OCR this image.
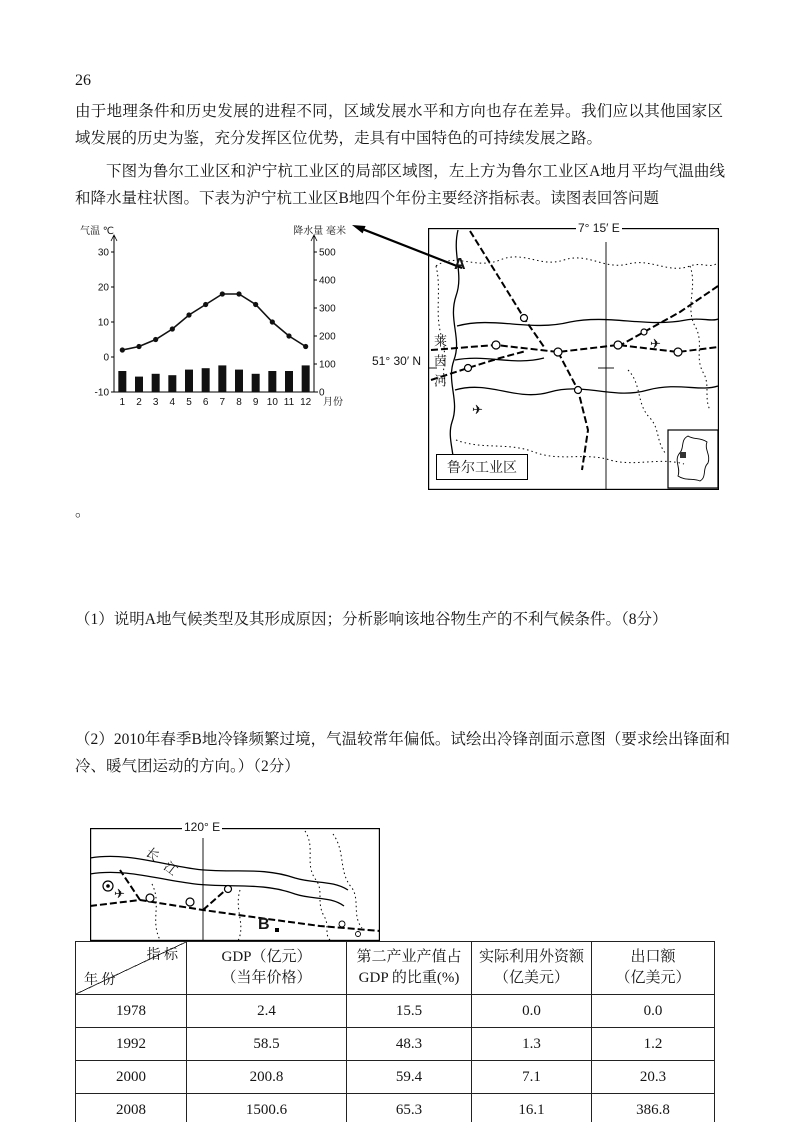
26
由于地理条件和历史发展的进程不同，区域发展水平和方向也存在差异。我们应以其他国家区域发展的历史为鉴，充分发挥区位优势，走具有中国特色的可持续发展之路。
下图为鲁尔工业区和沪宁杭工业区的局部区域图，左上方为鲁尔工业区A地月平均气温曲线和降水量柱状图。下表为沪宁杭工业区B地四个年份主要经济指标表。读图表回答问题
气温 ℃	降水量 毫米
30
20
10
0
-10
500
400
300
200
100
0
1 2 3 4 5 6 7 8 9 10 11 12 月份
✈
✈
7° 15′ E
51° 30′ N 莱茵河
A
鲁尔工业区
。
（1）说明A地气候类型及其形成原因；分析影响该地谷物生产的不利气候条件。（8分）
（2）2010年春季B地冷锋频繁过境，气温较常年偏低。试绘出冷锋剖面示意图（要求绘出锋面和冷、暖气团运动的方向。）（2分）
✈
120° E
长江
B
指 标
年 份

GDP（亿元）
（当年价格）

第二产业产值占
GDP 的比重(%)

实际利用外资额
（亿美元）

出口额
（亿美元）

1978	2.4	15.5	0.0	0.0
1992	58.5	48.3	1.3	1.2
2000	200.8	59.4	7.1	20.3
2008	1500.6	65.3	16.1	386.8
